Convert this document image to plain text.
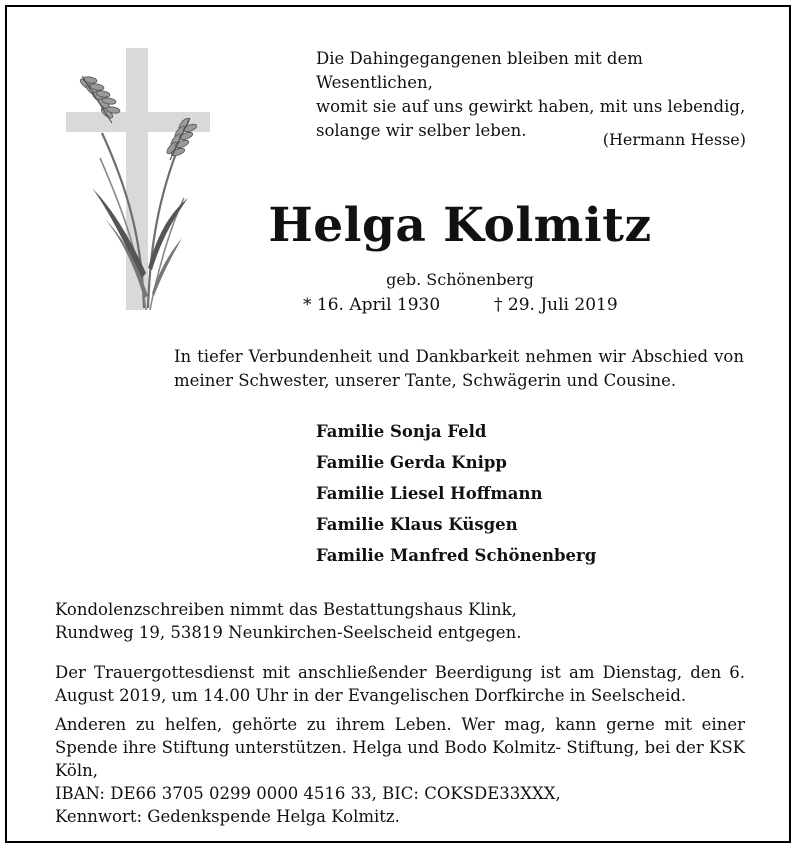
Die Dahingegangenen bleiben mit dem Wesentlichen,
womit sie auf uns gewirkt haben, mit uns lebendig,
solange wir selber leben.	(Hermann Hesse)
Helga Kolmitz
geb. Schönenberg
* 16. April 1930	† 29. Juli 2019
In tiefer Verbundenheit und Dankbarkeit nehmen wir Abschied von meiner Schwester, unserer Tante, Schwägerin und Cousine.
Familie Sonja Feld
Familie Gerda Knipp
Familie Liesel Hoffmann
Familie Klaus Küsgen
Familie Manfred Schönenberg
Kondolenzschreiben nimmt das Bestattungshaus Klink,
Rundweg 19, 53819 Neunkirchen-Seelscheid entgegen.
Der Trauergottesdienst mit anschließender Beerdigung ist am Dienstag, den 6. August 2019, um 14.00 Uhr in der Evangelischen Dorfkirche in Seelscheid.
Anderen zu helfen, gehörte zu ihrem Leben. Wer mag, kann gerne mit einer Spende ihre Stiftung unterstützen. Helga und Bodo Kolmitz- Stiftung, bei der KSK Köln,
IBAN: DE66 3705 0299 0000 4516 33, BIC: COKSDE33XXX,
Kennwort: Gedenkspende Helga Kolmitz.
